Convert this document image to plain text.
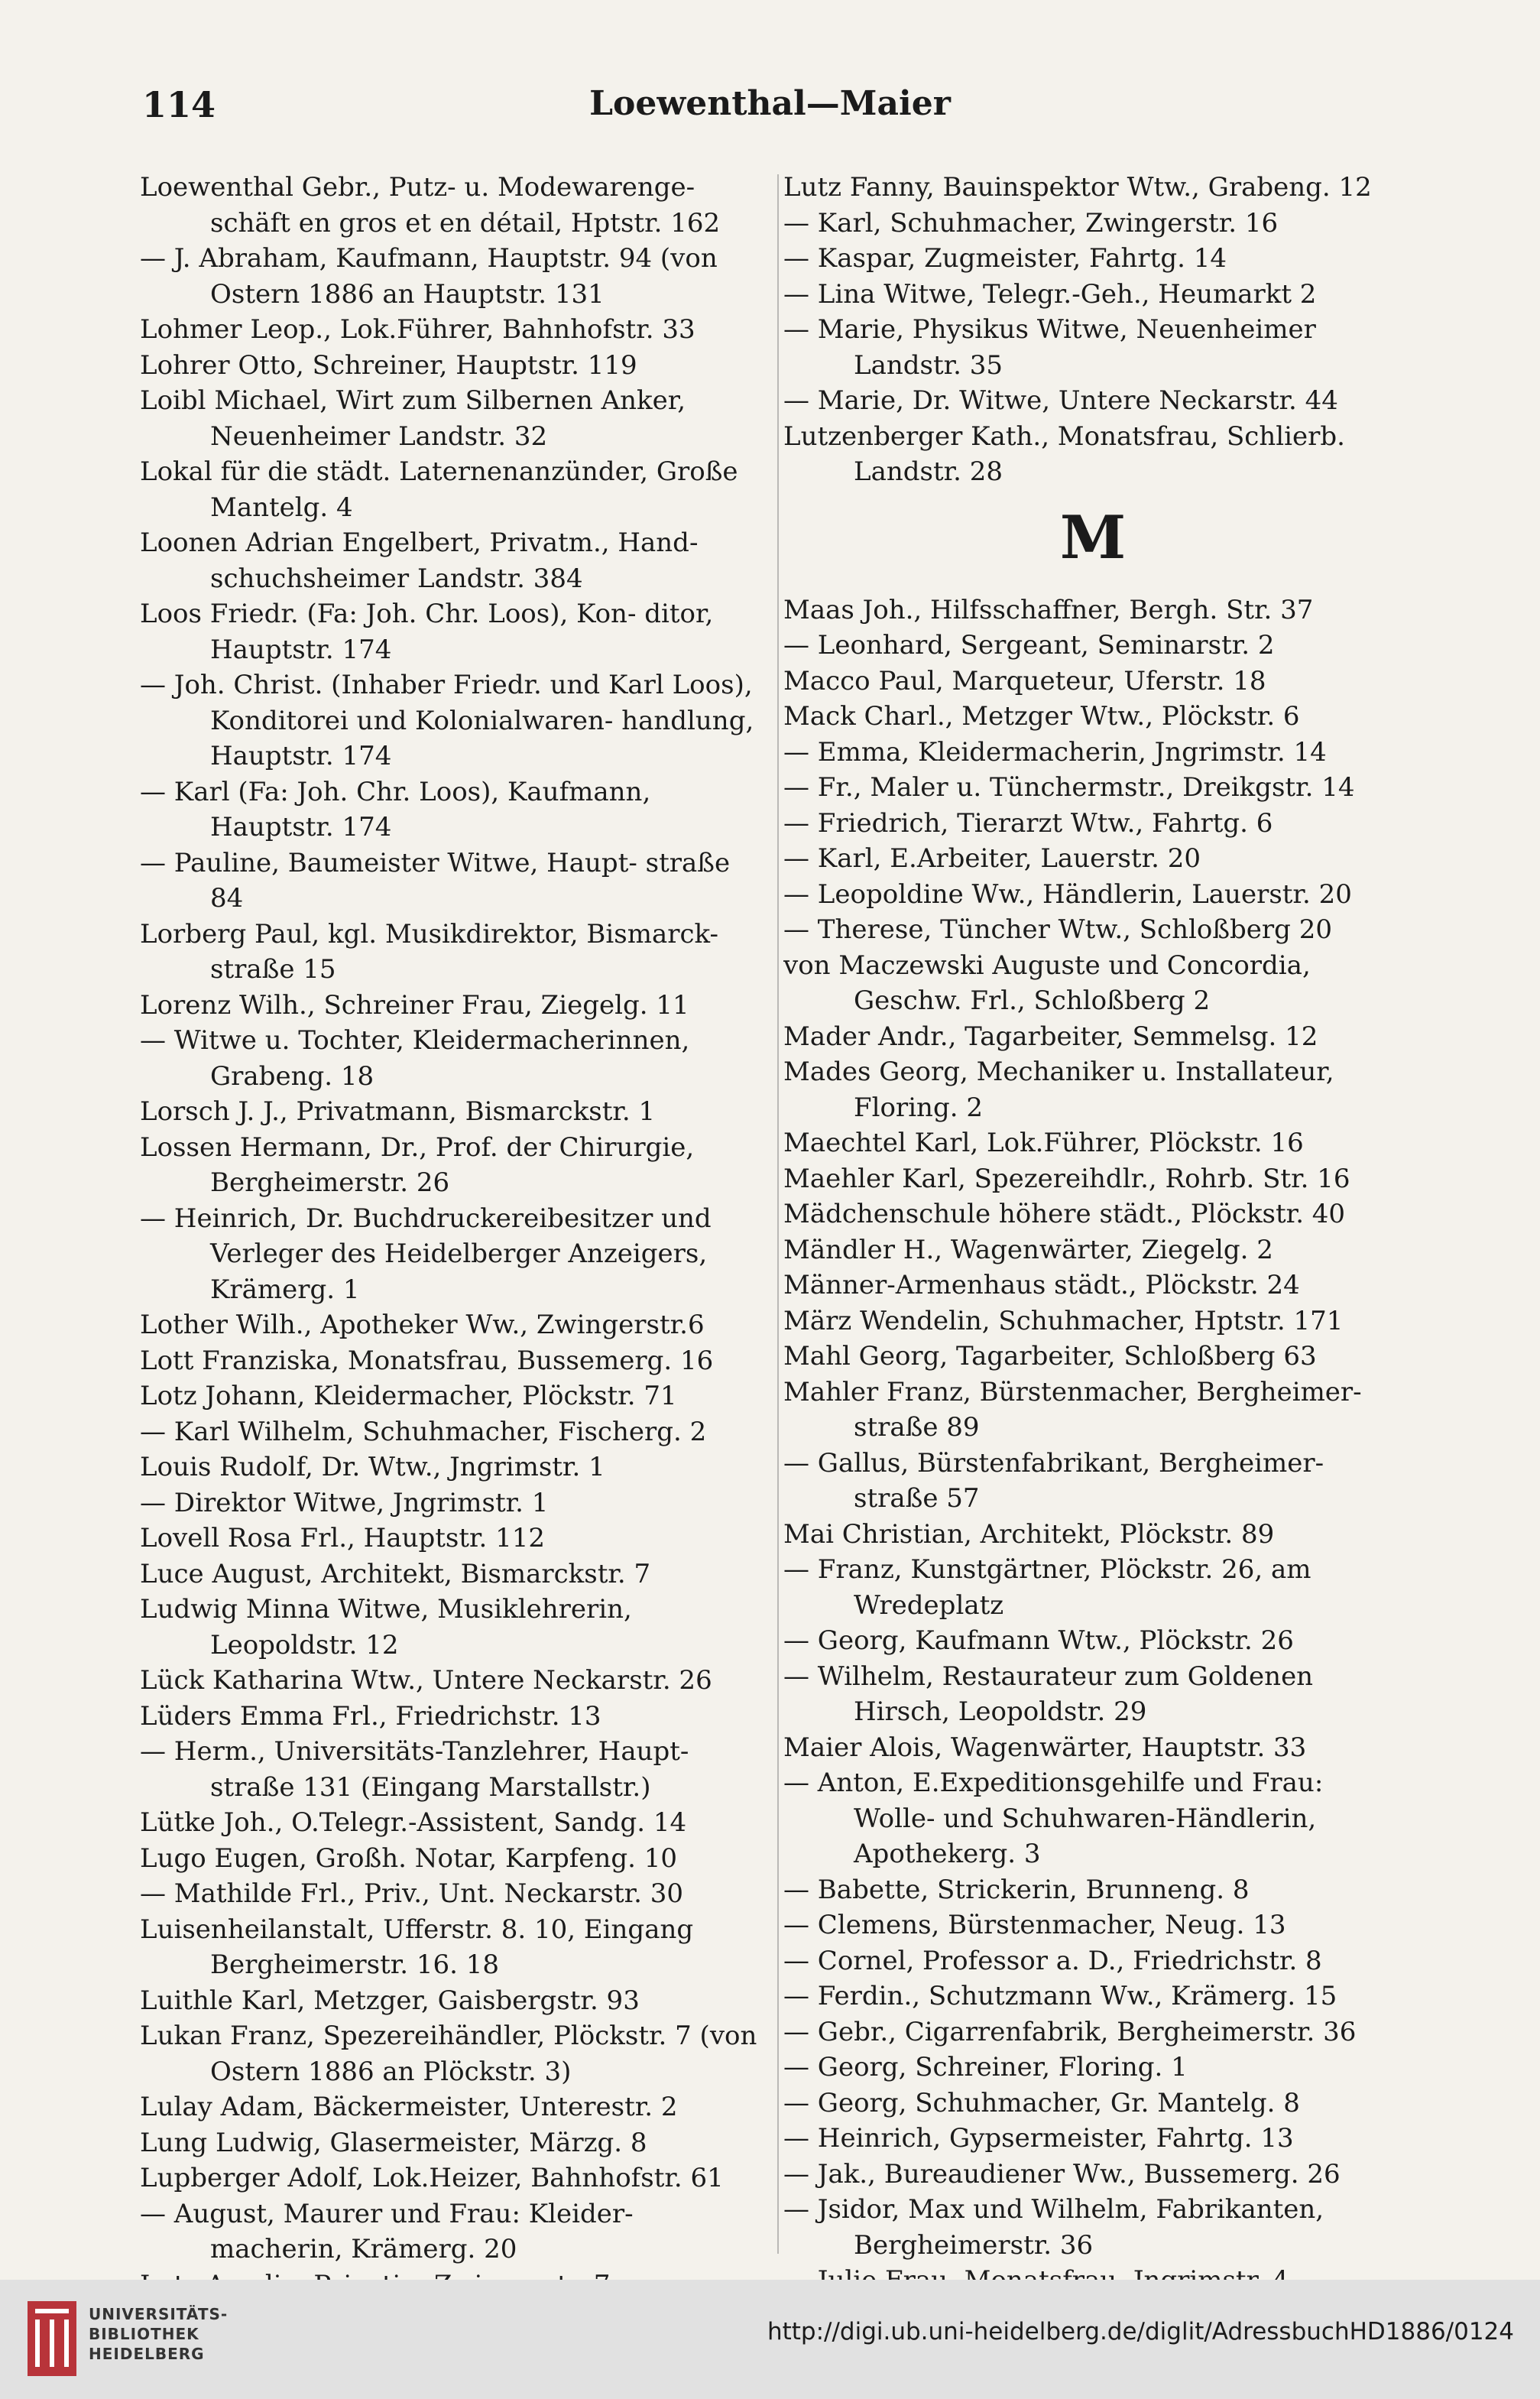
114	Loewenthal—Maier
Loewenthal Gebr., Putz- u. Modewarenge- schäft en gros et en détail, Hptstr. 162
— J. Abraham, Kaufmann, Hauptstr. 94 (von Ostern 1886 an Hauptstr. 131
Lohmer Leop., Lok.Führer, Bahnhofstr. 33
Lohrer Otto, Schreiner, Hauptstr. 119
Loibl Michael, Wirt zum Silbernen Anker, Neuenheimer Landstr. 32
Lokal für die städt. Laternenanzünder, Große Mantelg. 4
Loonen Adrian Engelbert, Privatm., Hand- schuchsheimer Landstr. 384
Loos Friedr. (Fa: Joh. Chr. Loos), Kon- ditor, Hauptstr. 174
— Joh. Christ. (Inhaber Friedr. und Karl Loos), Konditorei und Kolonialwaren- handlung, Hauptstr. 174
— Karl (Fa: Joh. Chr. Loos), Kaufmann, Hauptstr. 174
— Pauline, Baumeister Witwe, Haupt- straße 84
Lorberg Paul, kgl. Musikdirektor, Bismarck- straße 15
Lorenz Wilh., Schreiner Frau, Ziegelg. 11
— Witwe u. Tochter, Kleidermacherinnen, Grabeng. 18
Lorsch J. J., Privatmann, Bismarckstr. 1
Lossen Hermann, Dr., Prof. der Chirurgie, Bergheimerstr. 26
— Heinrich, Dr. Buchdruckereibesitzer und Verleger des Heidelberger Anzeigers, Krämerg. 1
Lother Wilh., Apotheker Ww., Zwingerstr.6
Lott Franziska, Monatsfrau, Bussemerg. 16
Lotz Johann, Kleidermacher, Plöckstr. 71
— Karl Wilhelm, Schuhmacher, Fischerg. 2
Louis Rudolf, Dr. Wtw., Jngrimstr. 1
— Direktor Witwe, Jngrimstr. 1
Lovell Rosa Frl., Hauptstr. 112
Luce August, Architekt, Bismarckstr. 7
Ludwig Minna Witwe, Musiklehrerin, Leopoldstr. 12
Lück Katharina Wtw., Untere Neckarstr. 26
Lüders Emma Frl., Friedrichstr. 13
— Herm., Universitäts-Tanzlehrer, Haupt- straße 131 (Eingang Marstallstr.)
Lütke Joh., O.Telegr.-Assistent, Sandg. 14
Lugo Eugen, Großh. Notar, Karpfeng. 10
— Mathilde Frl., Priv., Unt. Neckarstr. 30
Luisenheilanstalt, Ufferstr. 8. 10, Eingang Bergheimerstr. 16. 18
Luithle Karl, Metzger, Gaisbergstr. 93
Lukan Franz, Spezereihändler, Plöckstr. 7 (von Ostern 1886 an Plöckstr. 3)
Lulay Adam, Bäckermeister, Unterestr. 2
Lung Ludwig, Glasermeister, Märzg. 8
Lupberger Adolf, Lok.Heizer, Bahnhofstr. 61
— August, Maurer und Frau: Kleider- macherin, Krämerg. 20
Lutz Fanny, Bauinspektor Wtw., Grabeng. 12
— Karl, Schuhmacher, Zwingerstr. 16
— Kaspar, Zugmeister, Fahrtg. 14
— Lina Witwe, Telegr.-Geh., Heumarkt 2
— Marie, Physikus Witwe, Neuenheimer Landstr. 35
— Marie, Dr. Witwe, Untere Neckarstr. 44
Lutzenberger Kath., Monatsfrau, Schlierb. Landstr. 28
M
Maas Joh., Hilfsschaffner, Bergh. Str. 37
— Leonhard, Sergeant, Seminarstr. 2
Macco Paul, Marqueteur, Uferstr. 18
Mack Charl., Metzger Wtw., Plöckstr. 6
— Emma, Kleidermacherin, Jngrimstr. 14
— Fr., Maler u. Tünchermstr., Dreikgstr. 14
— Friedrich, Tierarzt Wtw., Fahrtg. 6
— Karl, E.Arbeiter, Lauerstr. 20
— Leopoldine Ww., Händlerin, Lauerstr. 20
— Therese, Tüncher Wtw., Schloßberg 20
von Maczewski Auguste und Concordia, Geschw. Frl., Schloßberg 2
Mader Andr., Tagarbeiter, Semmelsg. 12
Mades Georg, Mechaniker u. Installateur, Floring. 2
Maechtel Karl, Lok.Führer, Plöckstr. 16
Maehler Karl, Spezereihdlr., Rohrb. Str. 16
Mädchenschule höhere städt., Plöckstr. 40
Mändler H., Wagenwärter, Ziegelg. 2
Männer-Armenhaus städt., Plöckstr. 24
März Wendelin, Schuhmacher, Hptstr. 171
Mahl Georg, Tagarbeiter, Schloßberg 63
Mahler Franz, Bürstenmacher, Bergheimer- straße 89
— Gallus, Bürstenfabrikant, Bergheimer- straße 57
Mai Christian, Architekt, Plöckstr. 89
— Franz, Kunstgärtner, Plöckstr. 26, am Wredeplatz
— Georg, Kaufmann Wtw., Plöckstr. 26
— Wilhelm, Restaurateur zum Goldenen Hirsch, Leopoldstr. 29
Maier Alois, Wagenwärter, Hauptstr. 33
— Anton, E.Expeditionsgehilfe und Frau: Wolle- und Schuhwaren-Händlerin, Apothekerg. 3
— Babette, Strickerin, Brunneng. 8
— Clemens, Bürstenmacher, Neug. 13
— Cornel, Professor a. D., Friedrichstr. 8
— Ferdin., Schutzmann Ww., Krämerg. 15
— Gebr., Cigarrenfabrik, Bergheimerstr. 36
— Georg, Schreiner, Floring. 1
— Georg, Schuhmacher, Gr. Mantelg. 8
— Heinrich, Gypsermeister, Fahrtg. 13
— Jak., Bureaudiener Ww., Bussemerg. 26
— Jsidor, Max und Wilhelm, Fabrikanten, Bergheimerstr. 36
UNIVERSITÄTS-
BIBLIOTHEK
HEIDELBERG
http://digi.ub.uni-heidelberg.de/diglit/AdressbuchHD1886/0124
